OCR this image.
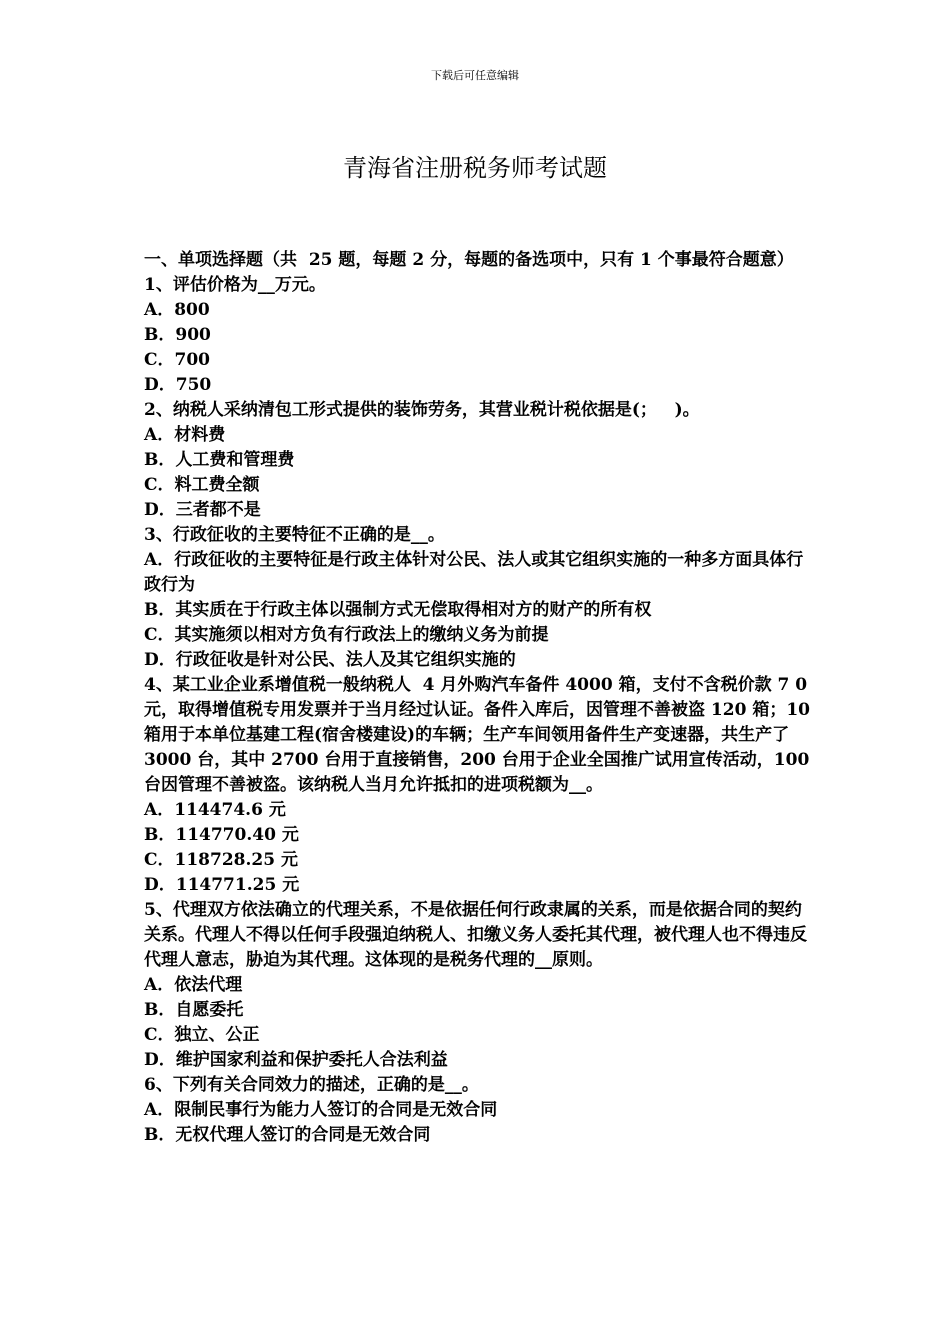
下载后可任意编辑
青海省注册税务师考试题

一、单项选择题（共  25 题，每题 2 分，每题的备选项中，只有 1 个事最符合题意）

1、评估价格为__万元。

A．800

B．900

C．700

D．750

2、纳税人采纳清包工形式提供的装饰劳务，其营业税计税依据是(；   )。

A．材料费

B．人工费和管理费

C．料工费全额

D．三者都不是

3、行政征收的主要特征不正确的是__。

A．行政征收的主要特征是行政主体针对公民、法人或其它组织实施的一种多方面具体行政行为

B．其实质在于行政主体以强制方式无偿取得相对方的财产的所有权

C．其实施须以相对方负有行政法上的缴纳义务为前提

D．行政征收是针对公民、法人及其它组织实施的

4、某工业企业系增值税一般纳税人  4 月外购汽车备件 4000 箱，支付不含税价款 7 0 元，取得增值税专用发票并于当月经过认证。备件入库后，因管理不善被盗 120 箱；10 箱用于本单位基建工程(宿舍楼建设)的车辆；生产车间领用备件生产变速器，共生产了 3000 台，其中 2700 台用于直接销售，200 台用于企业全国推广试用宣传活动，100 台因管理不善被盗。该纳税人当月允许抵扣的进项税额为__。

A．114474.6 元

B．114770.40 元

C．118728.25 元

D．114771.25 元

5、代理双方依法确立的代理关系，不是依据任何行政隶属的关系，而是依据合同的契约关系。代理人不得以任何手段强迫纳税人、扣缴义务人委托其代理，被代理人也不得违反代理人意志，胁迫为其代理。这体现的是税务代理的__原则。

A．依法代理

B．自愿委托

C．独立、公正

D．维护国家利益和保护委托人合法利益

6、下列有关合同效力的描述，正确的是__。

A．限制民事行为能力人签订的合同是无效合同

B．无权代理人签订的合同是无效合同
